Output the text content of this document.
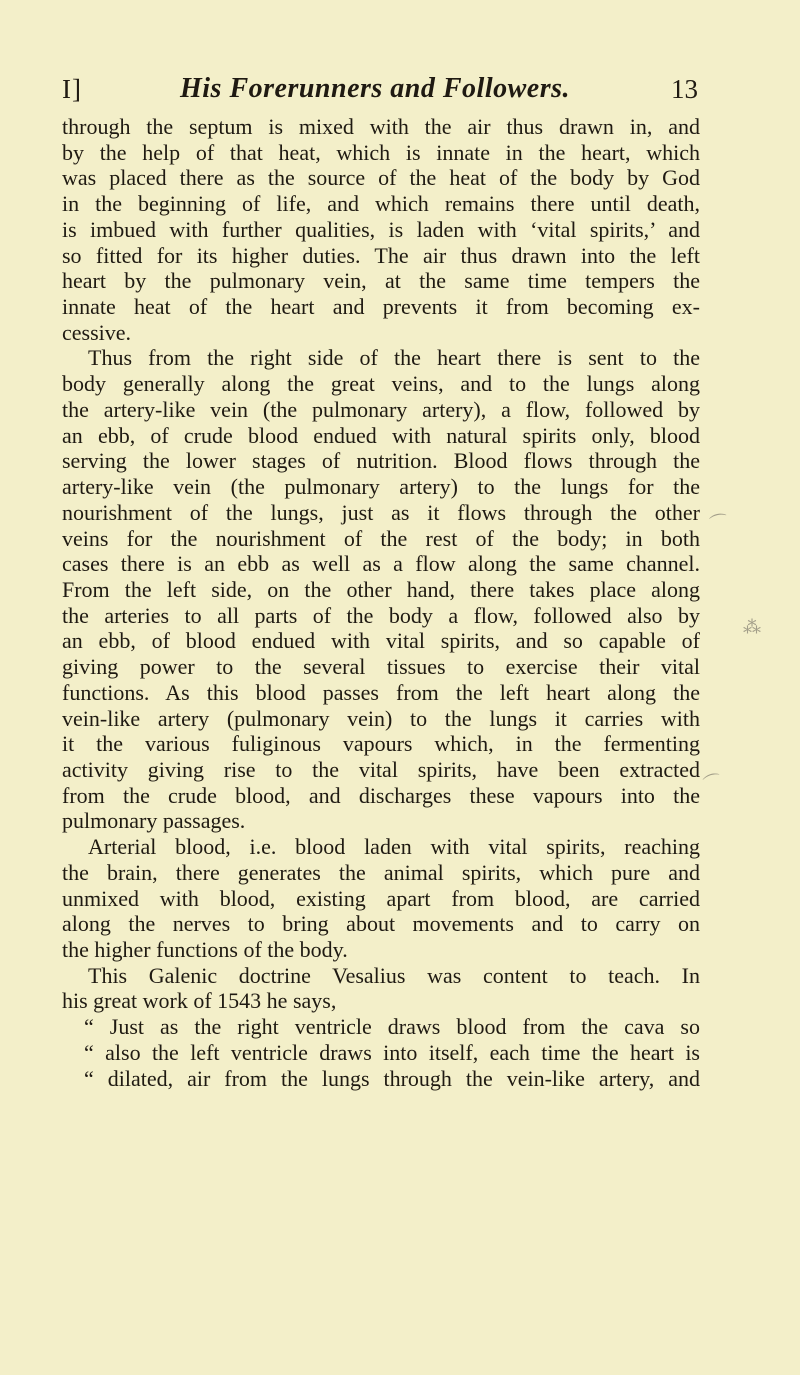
I]	His Forerunners and Followers.	13
through the septum is mixed with the air thus drawn in, and
by the help of that heat, which is innate in the heart, which
was placed there as the source of the heat of the body by God
in the beginning of life, and which remains there until death,
is imbued with further qualities, is laden with ‘vital spirits,’ and
so fitted for its higher duties. The air thus drawn into the left
heart by the pulmonary vein, at the same time tempers the
innate heat of the heart and prevents it from becoming ex-
cessive.
Thus from the right side of the heart there is sent to the
body generally along the great veins, and to the lungs along
the artery-like vein (the pulmonary artery), a flow, followed by
an ebb, of crude blood endued with natural spirits only, blood
serving the lower stages of nutrition. Blood flows through the
artery-like vein (the pulmonary artery) to the lungs for the
nourishment of the lungs, just as it flows through the other
veins for the nourishment of the rest of the body; in both
cases there is an ebb as well as a flow along the same channel.
From the left side, on the other hand, there takes place along
the arteries to all parts of the body a flow, followed also by
an ebb, of blood endued with vital spirits, and so capable of
giving power to the several tissues to exercise their vital
functions. As this blood passes from the left heart along the
vein-like artery (pulmonary vein) to the lungs it carries with
it the various fuliginous vapours which, in the fermenting
activity giving rise to the vital spirits, have been extracted
from the crude blood, and discharges these vapours into the
pulmonary passages.
Arterial blood, i.e. blood laden with vital spirits, reaching
the brain, there generates the animal spirits, which pure and
unmixed with blood, existing apart from blood, are carried
along the nerves to bring about movements and to carry on
the higher functions of the body.
This Galenic doctrine Vesalius was content to teach. In
his great work of 1543 he says,
“ Just as the right ventricle draws blood from the cava so
“ also the left ventricle draws into itself, each time the heart is
“ dilated, air from the lungs through the vein-like artery, and
⌒
⁂
⌒
